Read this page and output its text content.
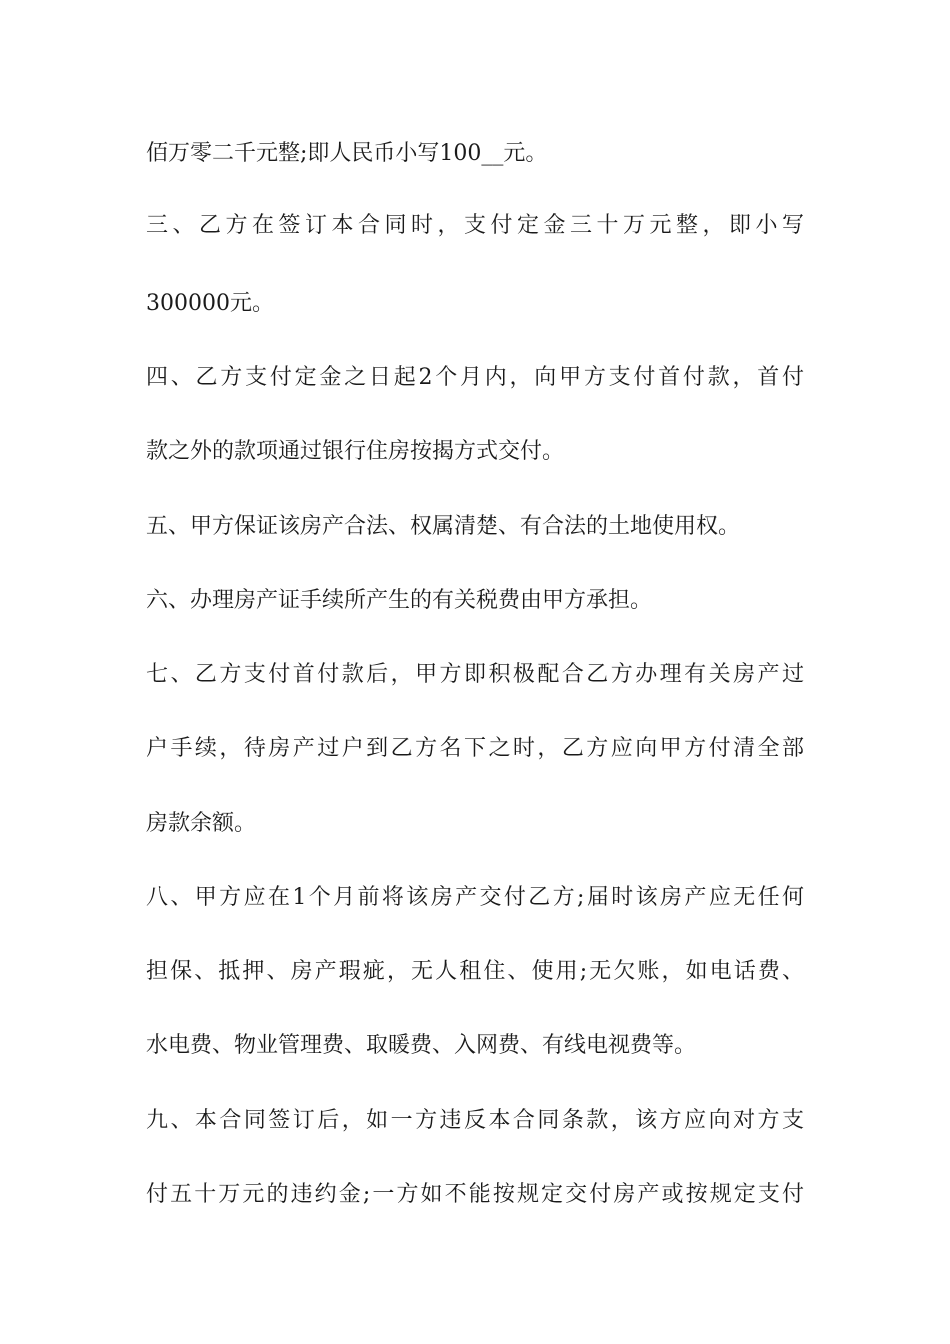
佰万零二千元整;即人民币小写100__元。

三、乙方在签订本合同时，支付定金三十万元整，即小写

300000元。

四、乙方支付定金之日起2个月内，向甲方支付首付款，首付

款之外的款项通过银行住房按揭方式交付。

五、甲方保证该房产合法、权属清楚、有合法的土地使用权。

六、办理房产证手续所产生的有关税费由甲方承担。

七、乙方支付首付款后，甲方即积极配合乙方办理有关房产过

户手续，待房产过户到乙方名下之时，乙方应向甲方付清全部

房款余额。

八、甲方应在1个月前将该房产交付乙方;届时该房产应无任何

担保、抵押、房产瑕疵，无人租住、使用;无欠账，如电话费、

水电费、物业管理费、取暖费、入网费、有线电视费等。

九、本合同签订后，如一方违反本合同条款，该方应向对方支

付五十万元的违约金;一方如不能按规定交付房产或按规定支付
